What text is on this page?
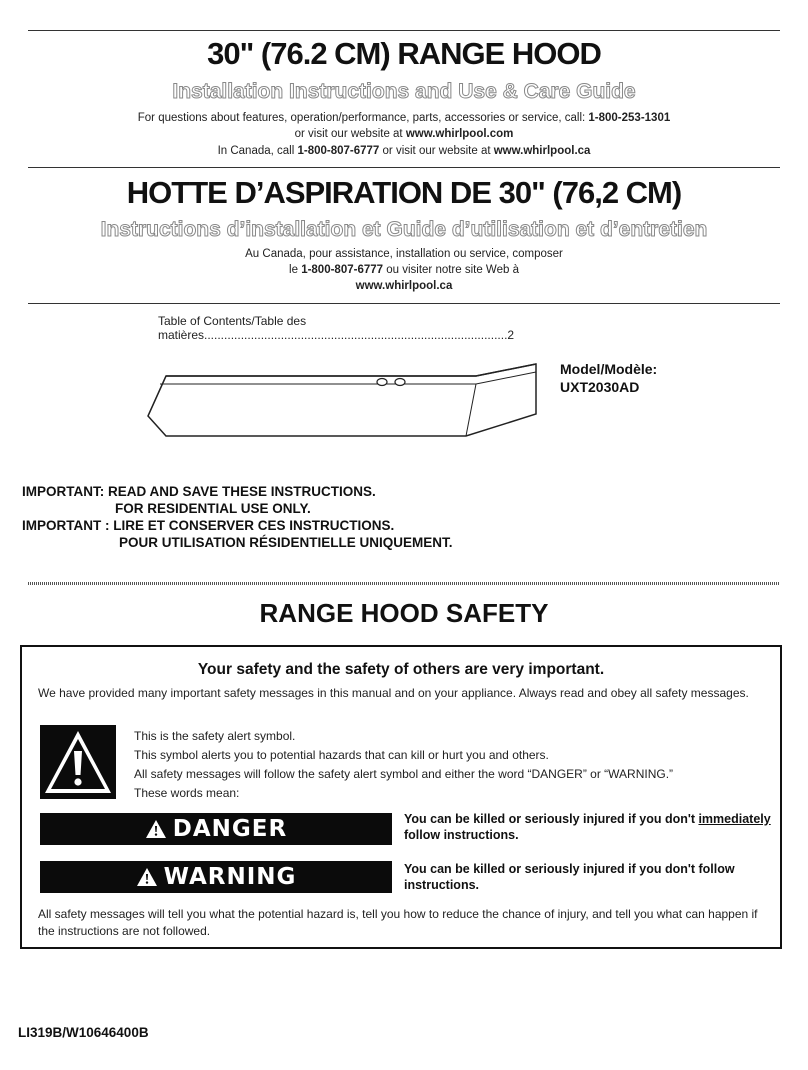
30" (76.2 CM) RANGE HOOD
Installation Instructions and Use & Care Guide
For questions about features, operation/performance, parts, accessories or service, call: 1-800-253-1301
or visit our website at www.whirlpool.com
In Canada, call 1-800-807-6777 or visit our website at www.whirlpool.ca
HOTTE D’ASPIRATION DE 30" (76,2 CM)
Instructions d’installation et Guide d’utilisation et d’entretien
Au Canada, pour assistance, installation ou service, composer
le 1-800-807-6777 ou visiter notre site Web à
www.whirlpool.ca
Table of Contents/Table des matières...........................................................................................2
Model/Modèle:
UXT2030AD
IMPORTANT: READ AND SAVE THESE INSTRUCTIONS.
FOR RESIDENTIAL USE ONLY.
IMPORTANT : LIRE ET CONSERVER CES INSTRUCTIONS.
POUR UTILISATION RÉSIDENTIELLE UNIQUEMENT.
RANGE HOOD SAFETY
Your safety and the safety of others are very important.
We have provided many important safety messages in this manual and on your appliance. Always read and obey all safety messages.
This is the safety alert symbol.
This symbol alerts you to potential hazards that can kill or hurt you and others.
All safety messages will follow the safety alert symbol and either the word “DANGER” or “WARNING.”
These words mean:
DANGER	You can be killed or seriously injured if you don't immediately follow instructions.
WARNING	You can be killed or seriously injured if you don't follow instructions.
All safety messages will tell you what the potential hazard is, tell you how to reduce the chance of injury, and tell you what can happen if the instructions are not followed.
LI319B/W10646400B
